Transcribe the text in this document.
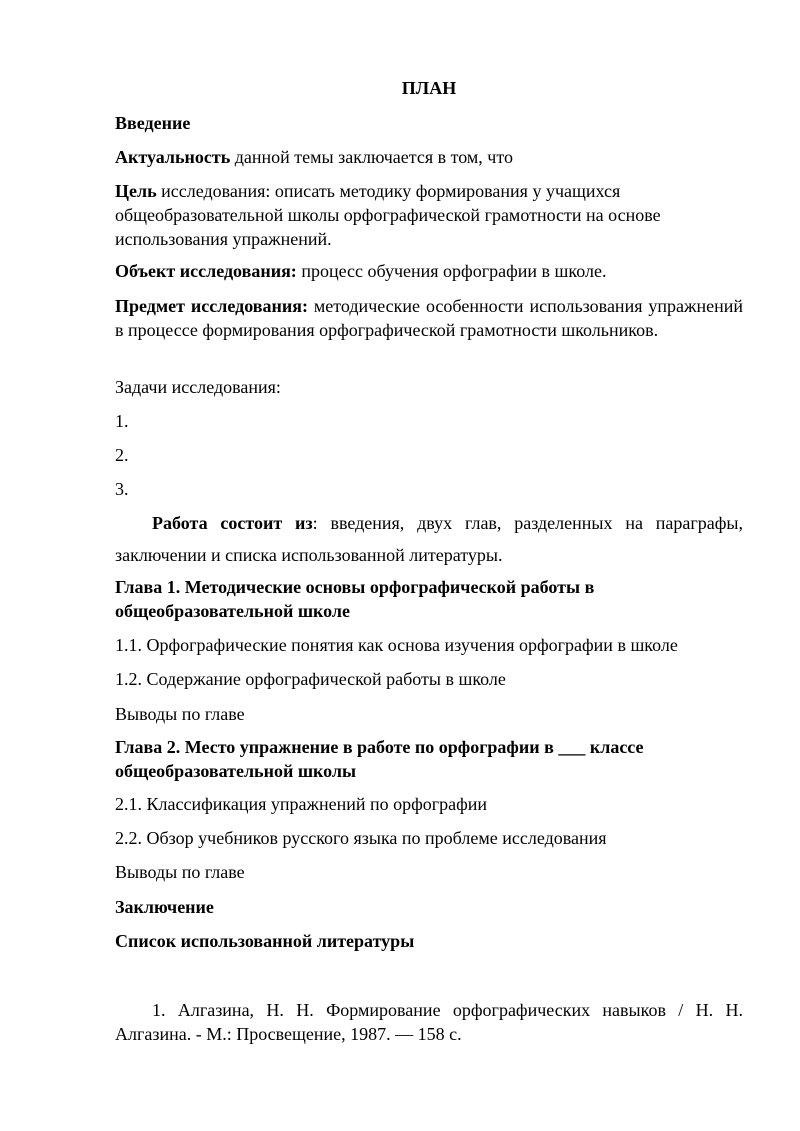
ПЛАН

Введение

Актуальность данной темы заключается в том, что

Цель исследования: описать методику формирования у учащихся общеобразовательной школы орфографической грамотности на основе использования упражнений.

Объект исследования: процесс обучения орфографии в школе.

Предмет исследования: методические особенности использования упражнений в процессе формирования орфографической грамотности школьников.

Задачи исследования:

1.

2.

3.

Работа состоит из: введения, двух глав, разделенных на параграфы, заключении и списка использованной литературы.

Глава 1. Методические основы орфографической работы в общеобразовательной школе

1.1. Орфографические понятия как основа изучения орфографии в школе

1.2. Содержание орфографической работы в школе

Выводы по главе

Глава 2. Место упражнение в работе по орфографии в ___ классе общеобразовательной школы

2.1. Классификация упражнений по орфографии

2.2. Обзор учебников русского языка по проблеме исследования

Выводы по главе

Заключение

Список использованной литературы

1. Алгазина, Н. Н. Формирование орфографических навыков / Н. Н. Алгазина. - М.: Просвещение, 1987. — 158 с.
